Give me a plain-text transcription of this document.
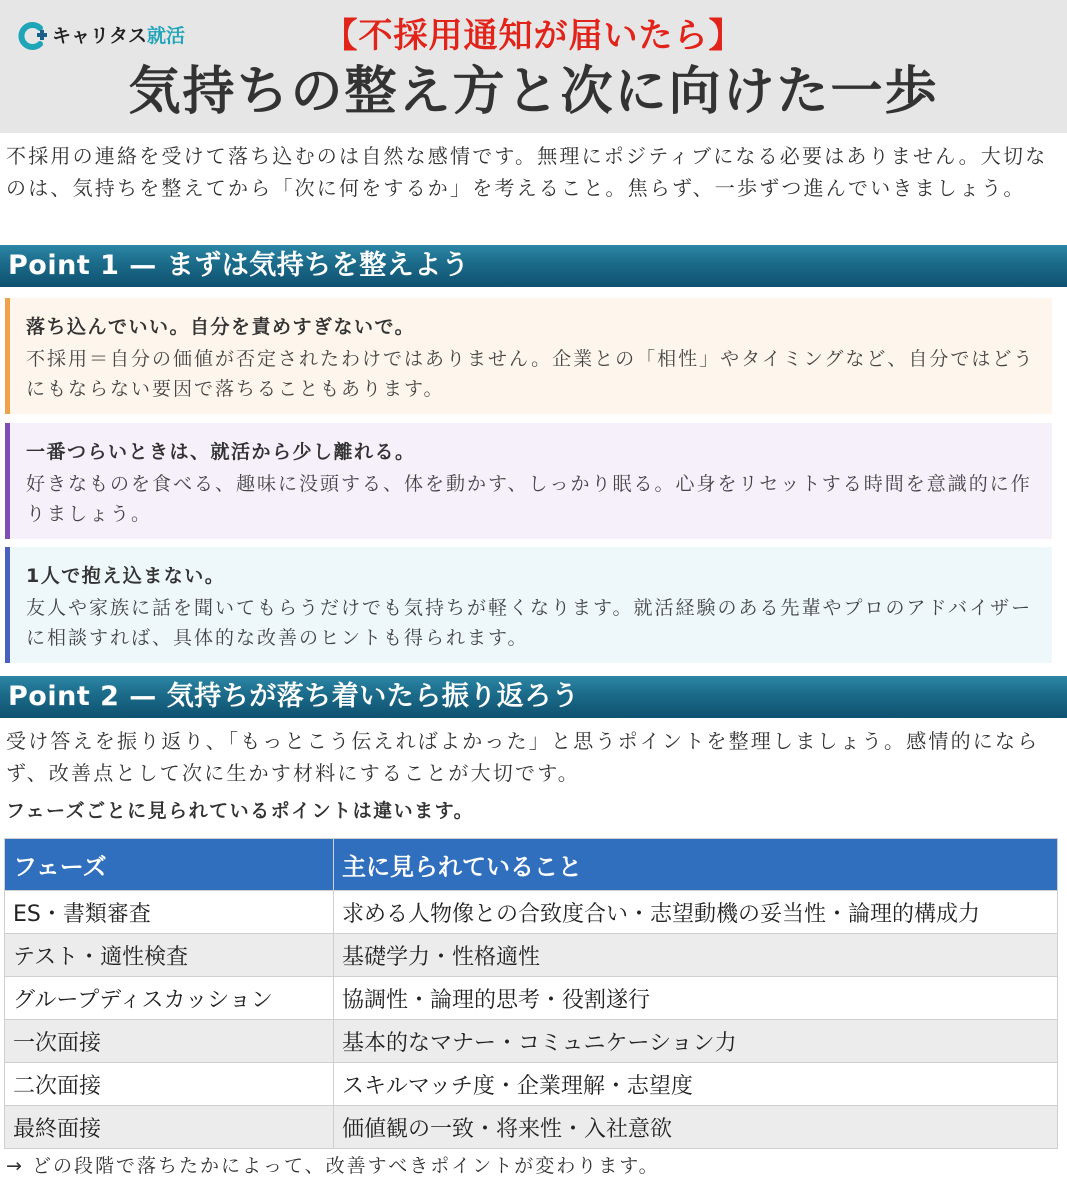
キャリタス就活	【不採用通知が届いたら】
気持ちの整え方と次に向けた一歩
不採用の連絡を受けて落ち込むのは自然な感情です。無理にポジティブになる必要はありません。大切なのは、気持ちを整えてから「次に何をするか」を考えること。焦らず、一歩ずつ進んでいきましょう。
Point 1 — まずは気持ちを整えよう
落ち込んでいい。自分を責めすぎないで。
不採用＝自分の価値が否定されたわけではありません。企業との「相性」やタイミングなど、自分ではどうにもならない要因で落ちることもあります。
一番つらいときは、就活から少し離れる。
好きなものを食べる、趣味に没頭する、体を動かす、しっかり眠る。心身をリセットする時間を意識的に作りましょう。
1人で抱え込まない。
友人や家族に話を聞いてもらうだけでも気持ちが軽くなります。就活経験のある先輩やプロのアドバイザーに相談すれば、具体的な改善のヒントも得られます。
Point 2 — 気持ちが落ち着いたら振り返ろう
受け答えを振り返り、「もっとこう伝えればよかった」と思うポイントを整理しましょう。感情的にならず、改善点として次に生かす材料にすることが大切です。
フェーズごとに見られているポイントは違います。
フェーズ	主に見られていること
ES・書類審査	求める人物像との合致度合い・志望動機の妥当性・論理的構成力
テスト・適性検査	基礎学力・性格適性
グループディスカッション	協調性・論理的思考・役割遂行
一次面接	基本的なマナー・コミュニケーション力
二次面接	スキルマッチ度・企業理解・志望度
最終面接	価値観の一致・将来性・入社意欲
→ どの段階で落ちたかによって、改善すべきポイントが変わります。
